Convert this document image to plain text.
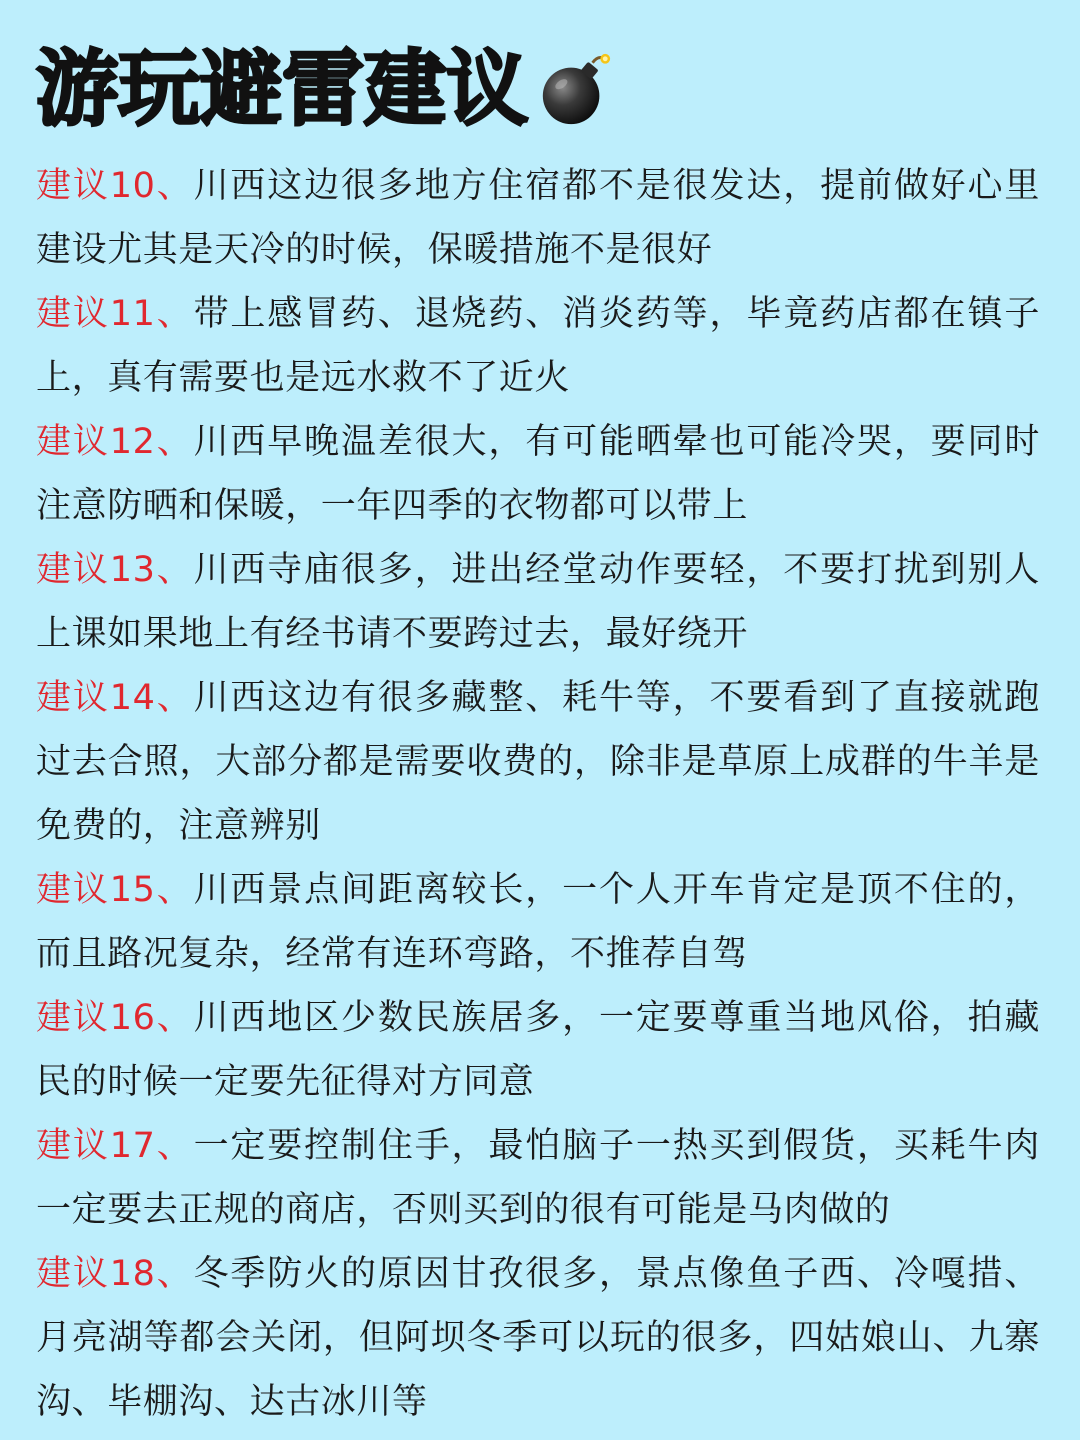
游玩避雷建议

建议10、川西这边很多地方住宿都不是很发达，提前做好心里建设尤其是天冷的时候，保暖措施不是很好

建议11、带上感冒药、退烧药、消炎药等，毕竟药店都在镇子上，真有需要也是远水救不了近火

建议12、川西早晚温差很大，有可能晒晕也可能冷哭，要同时注意防晒和保暖，一年四季的衣物都可以带上

建议13、川西寺庙很多，进出经堂动作要轻，不要打扰到别人上课如果地上有经书请不要跨过去，最好绕开

建议14、川西这边有很多藏整、耗牛等，不要看到了直接就跑过去合照，大部分都是需要收费的，除非是草原上成群的牛羊是免费的，注意辨别

建议15、川西景点间距离较长，一个人开车肯定是顶不住的，而且路况复杂，经常有连环弯路，不推荐自驾

建议16、川西地区少数民族居多，一定要尊重当地风俗，拍藏民的时候一定要先征得对方同意

建议17、一定要控制住手，最怕脑子一热买到假货，买耗牛肉一定要去正规的商店，否则买到的很有可能是马肉做的

建议18、冬季防火的原因甘孜很多，景点像鱼子西、冷嘎措、月亮湖等都会关闭，但阿坝冬季可以玩的很多，四姑娘山、九寨沟、毕棚沟、达古冰川等
